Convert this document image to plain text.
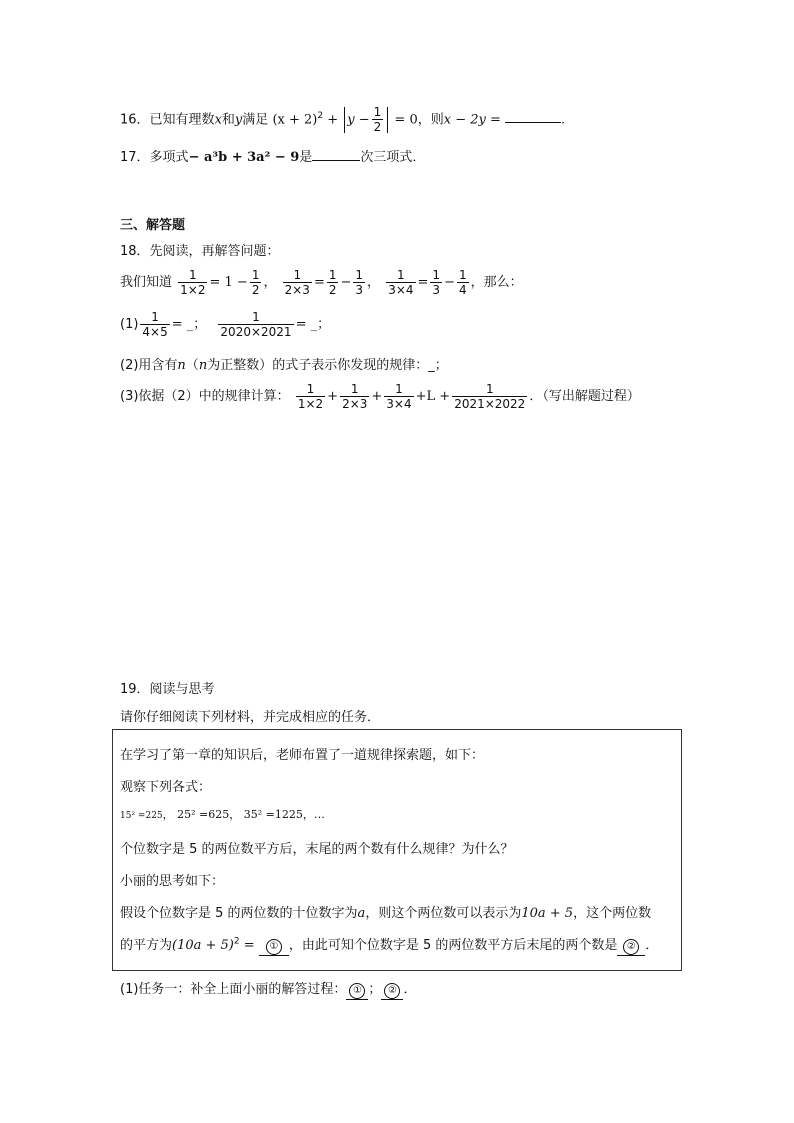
16．已知有理数x和y满足 $(x + 2)^2 + y - \frac{1}{2} = 0$，则x − 2y =	.
17．多项式− a³b + 3a² − 9是	次三项式．
三、解答题
18．先阅读，再解答问题：
我们知道 $\frac{1}{1\times 2} = 1 - \frac{1}{2}$ ， $\frac{1}{2\times 3} = \frac{1}{2} - \frac{1}{3}$ ， $\frac{1}{3\times 4} = \frac{1}{3} - \frac{1}{4}$ ，那么：
$(1) \frac{1}{4\times 5}$ = _； $\frac{1}{2020\times 2021}$ = _；
(2)用含有n（n为正整数）的式子表示你发现的规律：_；
(3)依据（2）中的规律计算： $\frac{1}{1\times 2} + \frac{1}{2\times 3} + \frac{1}{3\times 4} +L + \frac{1}{2021\times 2022}$ ．（写出解题过程）
19．阅读与思考
请你仔细阅读下列材料，并完成相应的任务．
在学习了第一章的知识后，老师布置了一道规律探索题，如下：
观察下列各式：
15² =225， 25² =625， 35² =1225，…
个位数字是 5 的两位数平方后，末尾的两个数有什么规律？为什么？
小丽的思考如下：
假设个位数字是 5 的两位数的十位数字为a，则这个两位数可以表示为10a + 5，这个两位数
的平方为$(10a + 5)^2$ = ① ，由此可知个位数字是 5 的两位数平方后末尾的两个数是 ② ．
(1)任务一：补全上面小丽的解答过程： ① ； ② ．
